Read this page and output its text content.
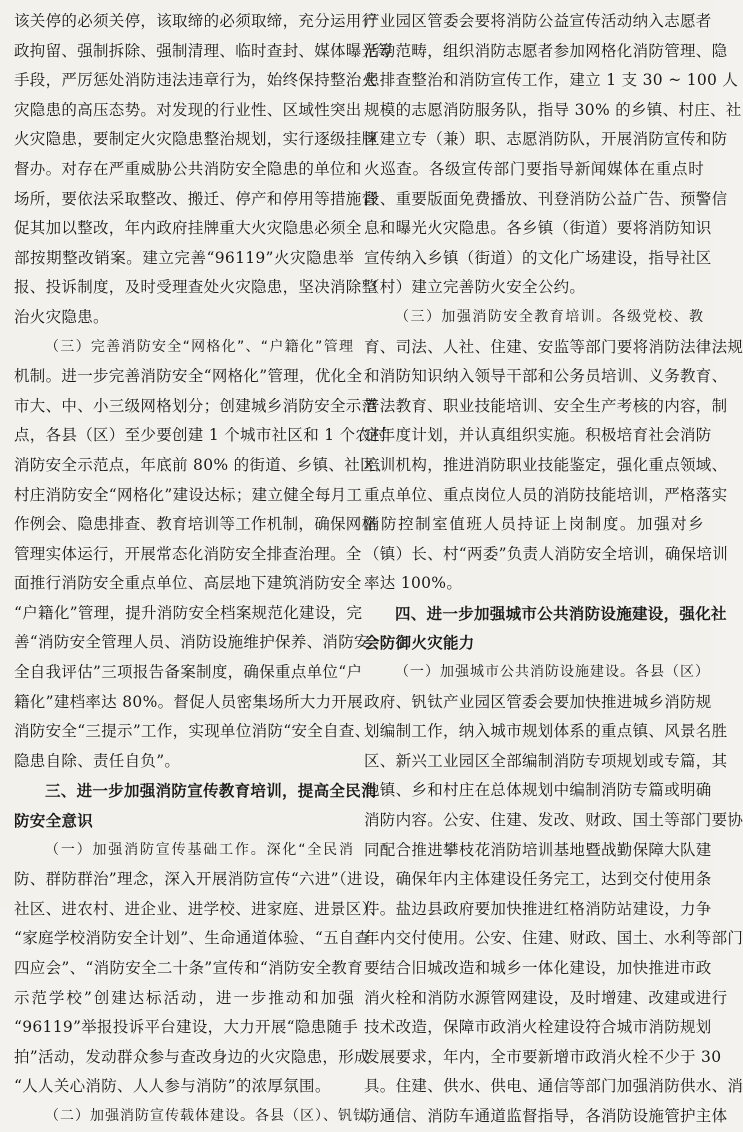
该关停的必须关停，该取缔的必须取缔，充分运用行
政拘留、强制拆除、强制清理、临时查封、媒体曝光等
手段，严厉惩处消防违法违章行为，始终保持整治火
灾隐患的高压态势。对发现的行业性、区域性突出
火灾隐患，要制定火灾隐患整治规划，实行逐级挂牌
督办。对存在严重威胁公共消防安全隐患的单位和
场所，要依法采取整改、搬迁、停产和停用等措施督
促其加以整改，年内政府挂牌重大火灾隐患必须全
部按期整改销案。建立完善“96119”火灾隐患举
报、投诉制度，及时受理查处火灾隐患，坚决消除整
治火灾隐患。
（三）完善消防安全“网格化”、“户籍化”管理
机制。进一步完善消防安全“网格化”管理，优化全
市大、中、小三级网格划分；创建城乡消防安全示范
点，各县（区）至少要创建 1 个城市社区和 1 个农村
消防安全示范点，年底前 80% 的街道、乡镇、社区、
村庄消防安全“网格化”建设达标；建立健全每月工
作例会、隐患排查、教育培训等工作机制，确保网格
管理实体运行，开展常态化消防安全排查治理。全
面推行消防安全重点单位、高层地下建筑消防安全
“户籍化”管理，提升消防安全档案规范化建设，完
善“消防安全管理人员、消防设施维护保养、消防安
全自我评估”三项报告备案制度，确保重点单位“户
籍化”建档率达 80%。督促人员密集场所大力开展
消防安全“三提示”工作，实现单位消防“安全自查、
隐患自除、责任自负”。
三、进一步加强消防宣传教育培训，提高全民消
防安全意识
（一）加强消防宣传基础工作。深化“全民消
防、群防群治”理念，深入开展消防宣传“六进”（进
社区、进农村、进企业、进学校、进家庭、进景区）、
“家庭学校消防安全计划”、生命通道体验、“五自查
四应会”、“消防安全二十条”宣传和“消防安全教育
示范学校”创建达标活动，进一步推动和加强
“96119”举报投诉平台建设，大力开展“隐患随手
拍”活动，发动群众参与查改身边的火灾隐患，形成
“人人关心消防、人人参与消防”的浓厚氛围。
（二）加强消防宣传载体建设。各县（区）、钒钛
产业园区管委会要将消防公益宣传活动纳入志愿者
活动范畴，组织消防志愿者参加网格化消防管理、隐
患排查整治和消防宣传工作，建立 1 支 30 ~ 100 人
规模的志愿消防服务队，指导 30% 的乡镇、村庄、社
区建立专（兼）职、志愿消防队，开展消防宣传和防
火巡查。各级宣传部门要指导新闻媒体在重点时
段、重要版面免费播放、刊登消防公益广告、预警信
息和曝光火灾隐患。各乡镇（街道）要将消防知识
宣传纳入乡镇（街道）的文化广场建设，指导社区
（村）建立完善防火安全公约。
（三）加强消防安全教育培训。各级党校、教
育、司法、人社、住建、安监等部门要将消防法律法规
和消防知识纳入领导干部和公务员培训、义务教育、
普法教育、职业技能培训、安全生产考核的内容，制
定年度计划，并认真组织实施。积极培育社会消防
培训机构，推进消防职业技能鉴定，强化重点领域、
重点单位、重点岗位人员的消防技能培训，严格落实
消防控制室值班人员持证上岗制度。加强对乡
（镇）长、村“两委”负责人消防安全培训，确保培训
率达 100%。
四、进一步加强城市公共消防设施建设，强化社
会防御火灾能力
（一）加强城市公共消防设施建设。各县（区）
政府、钒钛产业园区管委会要加快推进城乡消防规
划编制工作，纳入城市规划体系的重点镇、风景名胜
区、新兴工业园区全部编制消防专项规划或专篇，其
他镇、乡和村庄在总体规划中编制消防专篇或明确
消防内容。公安、住建、发改、财政、国土等部门要协
同配合推进攀枝花消防培训基地暨战勤保障大队建
设，确保年内主体建设任务完工，达到交付使用条
件。盐边县政府要加快推进红格消防站建设，力争
年内交付使用。公安、住建、财政、国土、水利等部门
要结合旧城改造和城乡一体化建设，加快推进市政
消火栓和消防水源管网建设，及时增建、改建或进行
技术改造，保障市政消火栓建设符合城市消防规划
发展要求，年内，全市要新增市政消火栓不少于 30
具。住建、供水、供电、通信等部门加强消防供水、消
防通信、消防车通道监督指导，各消防设施管护主体
